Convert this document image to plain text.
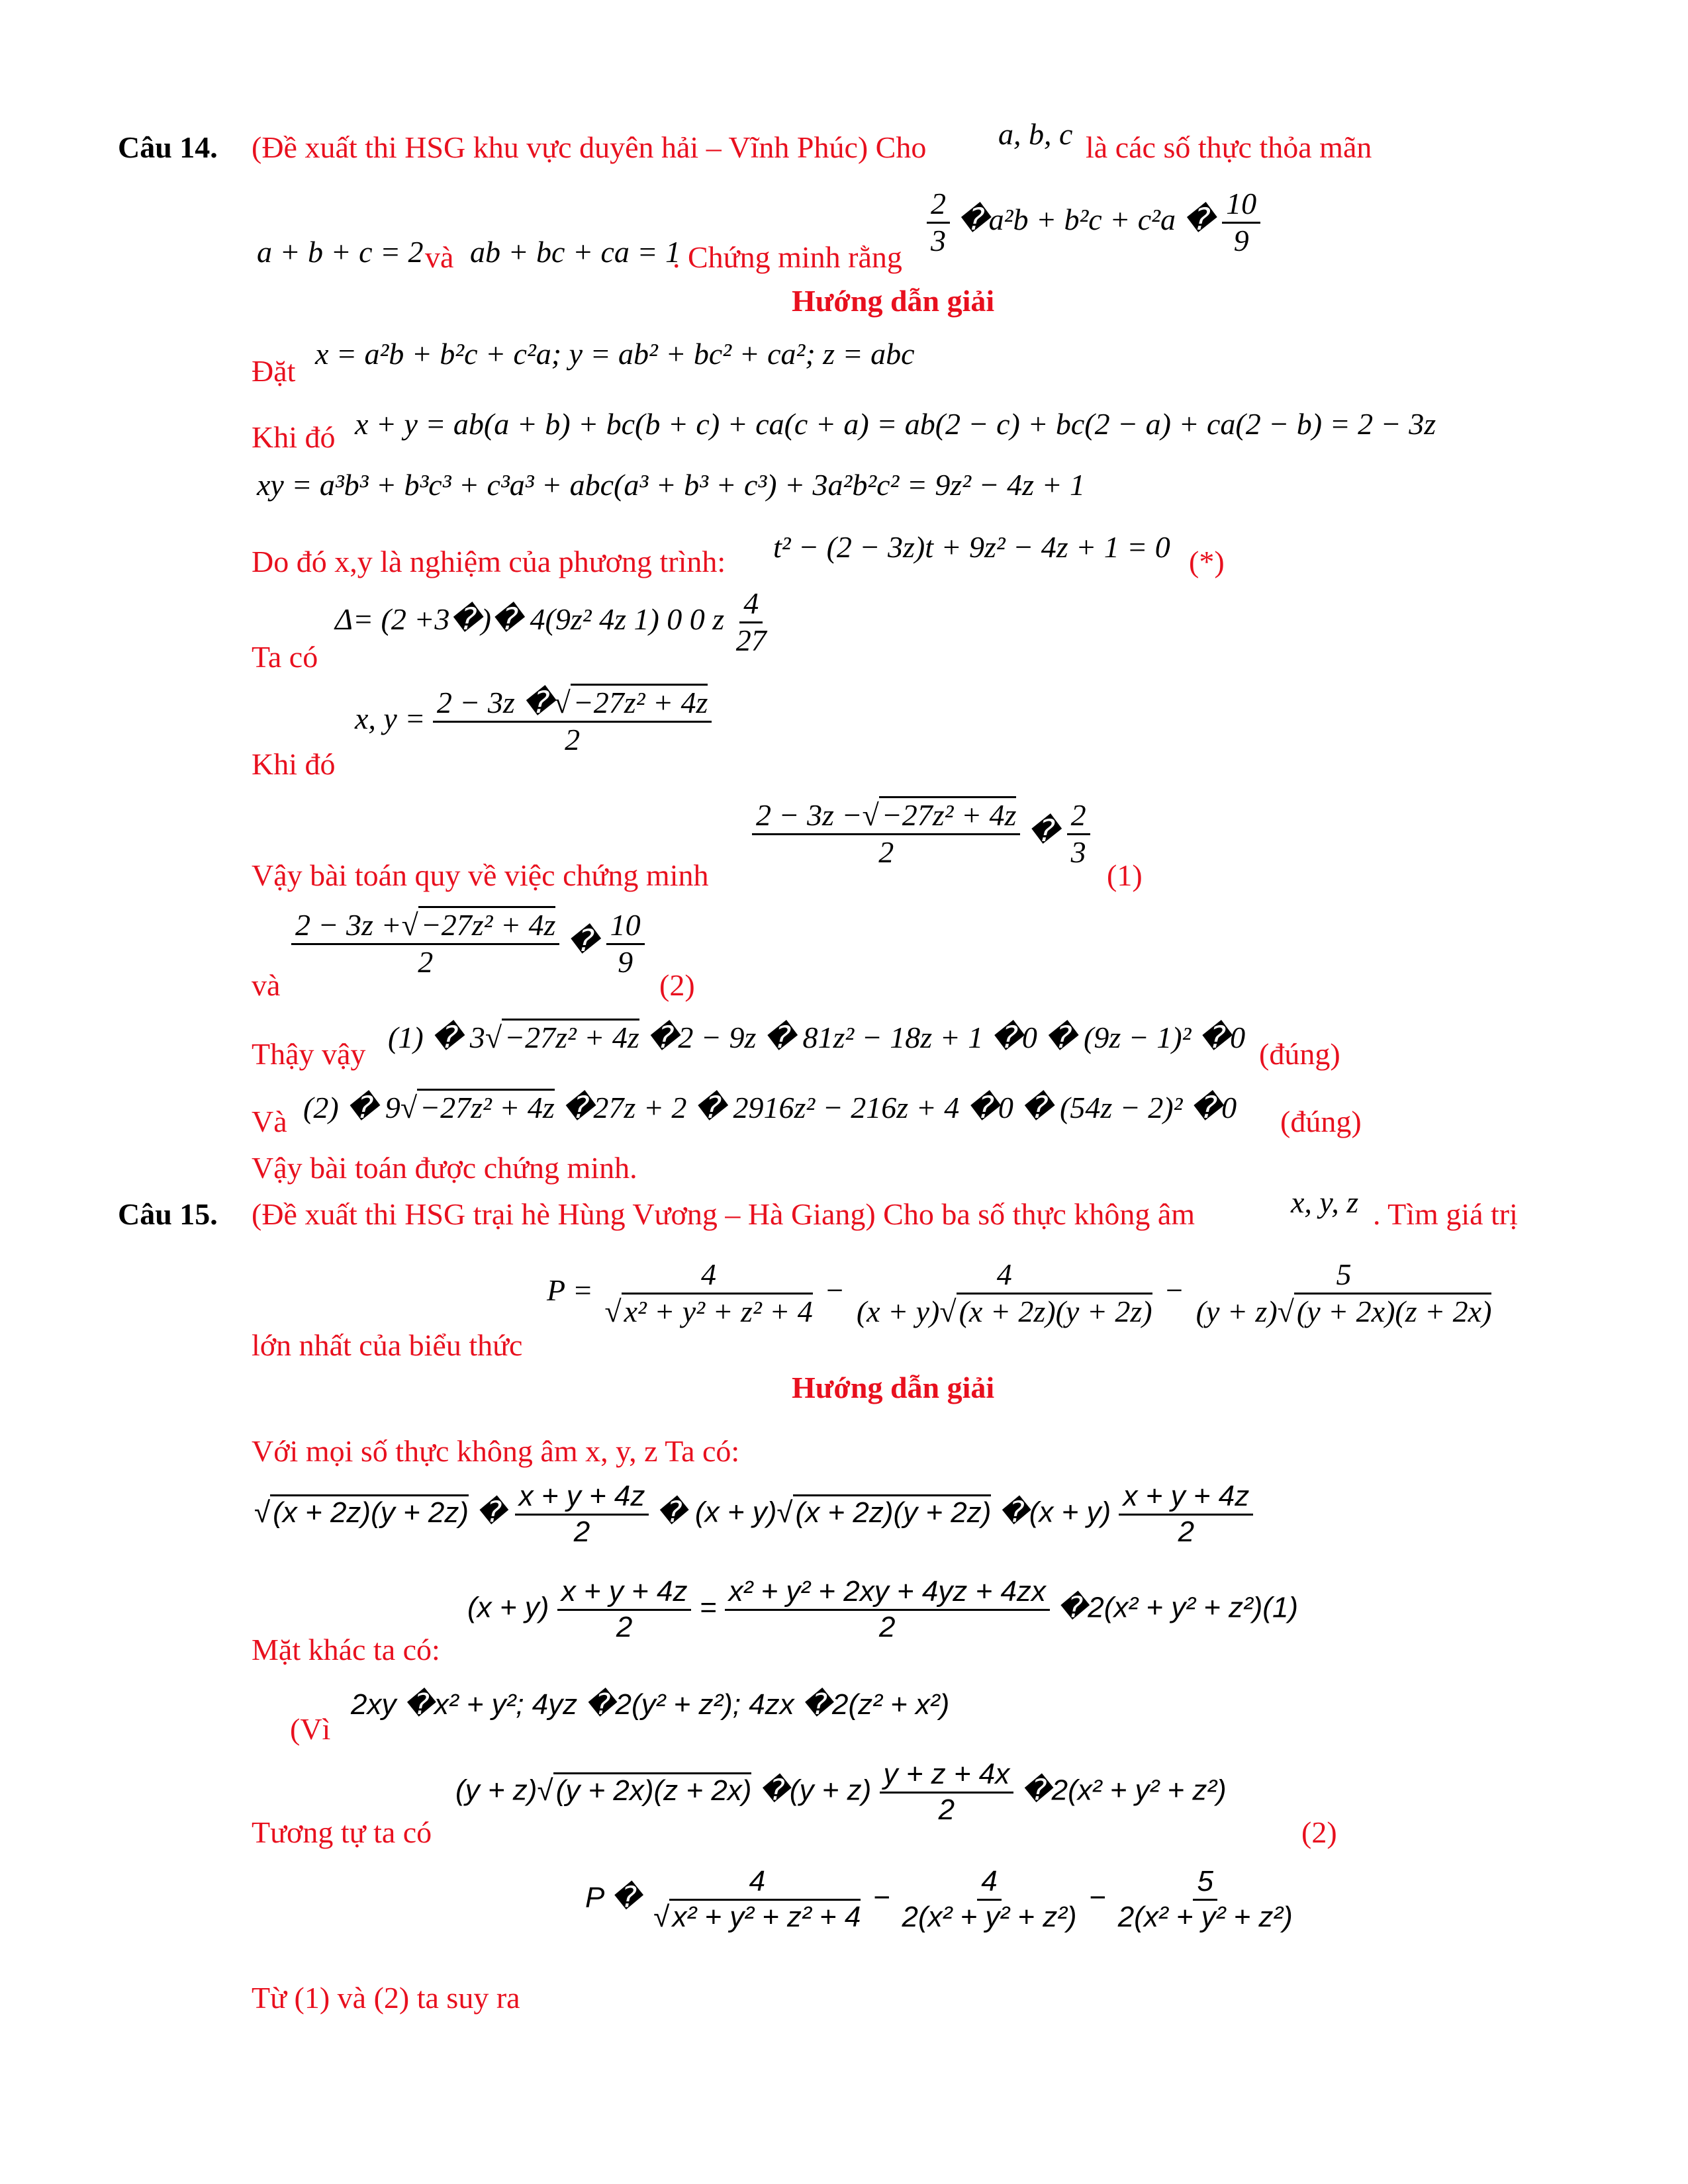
Câu 14. (Đề xuất thi HSG khu vực duyên hải – Vĩnh Phúc) Cho a, b, c là các số thực thỏa mãn
a + b + c = 2 và ab + bc + ca = 1
. Chứng minh rằng $\frac{2}{3}$ �a²b + b²c + c²a � $\frac{10}{9}$
Hướng dẫn giải
Đặt
x = a²b + b²c + c²a; y = ab² + bc² + ca²; z = abc
Khi đó x + y = ab(a + b) + bc(b + c) + ca(c + a) = ab(2 − c) + bc(2 − a) + ca(2 − b) = 2 − 3z
xy = a³b³ + b³c³ + c³a³ + abc(a³ + b³ + c³) + 3a²b²c² = 9z² − 4z + 1
Do đó x,y là nghiệm của phương trình: t² − (2 − 3z)t + 9z² − 4z + 1 = 0 (*)
Ta có
Δ= (2 +3�)� 4(9z² 4z 1) 0 0 z $\frac{4}{27}$
Khi đó
x, $y = \frac{\text{2 − 3z � √ −27z² + 4z}}{2}$
Vậy bài toán quy về việc chứng minh
$\frac{\text{2 − 3z − √ −27z² + 4z}}{2}$ � $\frac{2}{3}$
(1)
và
$\frac{\text{2 − 3z + √ −27z² + 4z}}{2}$ � $\frac{10}{9}$
(2)
Thậy vậy (1) � 3 √ −27z² + 4z �2 − 9z � 81z² − 18z + 1 �0 � (9z − 1)² �0 (đúng)
Và (2) � 9 √ −27z² + 4z �27z + 2 � 2916z² − 216z + 4 �0 � (54z − 2)² �0 (đúng)
Vậy bài toán được chứng minh.
Câu 15. (Đề xuất thi HSG trại hè Hùng Vương – Hà Giang) Cho ba số thực không âm	x, y, z . Tìm giá trị
lớn nhất của biểu thức
P = 4
√ $x^2 + y^2 + z^2 + 4 - \frac{4}{(x + y) √ (x + 2z)(y + 2z)} - \frac{5}{(y + z) √ (y + 2x)(z + 2x)}$
Hướng dẫn giải
Với mọi số thực không âm x, y, z Ta có:
√ (x + 2z)(y + 2z) � $\frac{x + y + 4z}{2}$ � (x + y) √ (x + 2z)(y + 2z) �(x + $y) \frac{x + y + 4z}{2}$
Mặt khác ta có:
$(x + y) \frac{x + y + 4z}{2} = \frac{\text{x² + y² + 2xy + 4yz + 4zx}}{2}$ �2(x² + y² + z²)(1)
(Vì
2xy �x² + y²; 4yz �2(y² + z²); 4zx �2(z² + x²)
Tương tự ta có
(y + z) √ (y + 2x)(z + 2x) �(y + $z) \frac{y + z + 4x}{2}$ �2(x² + y² + z²)
(2)
P � 4
√ $x^2 + y^2 + z^2 + 4 - \frac{4}{\text{2(x² + y² + z²)}} - \frac{5}{\text{2(x² + y² + z²)}}$
Từ (1) và (2) ta suy ra
